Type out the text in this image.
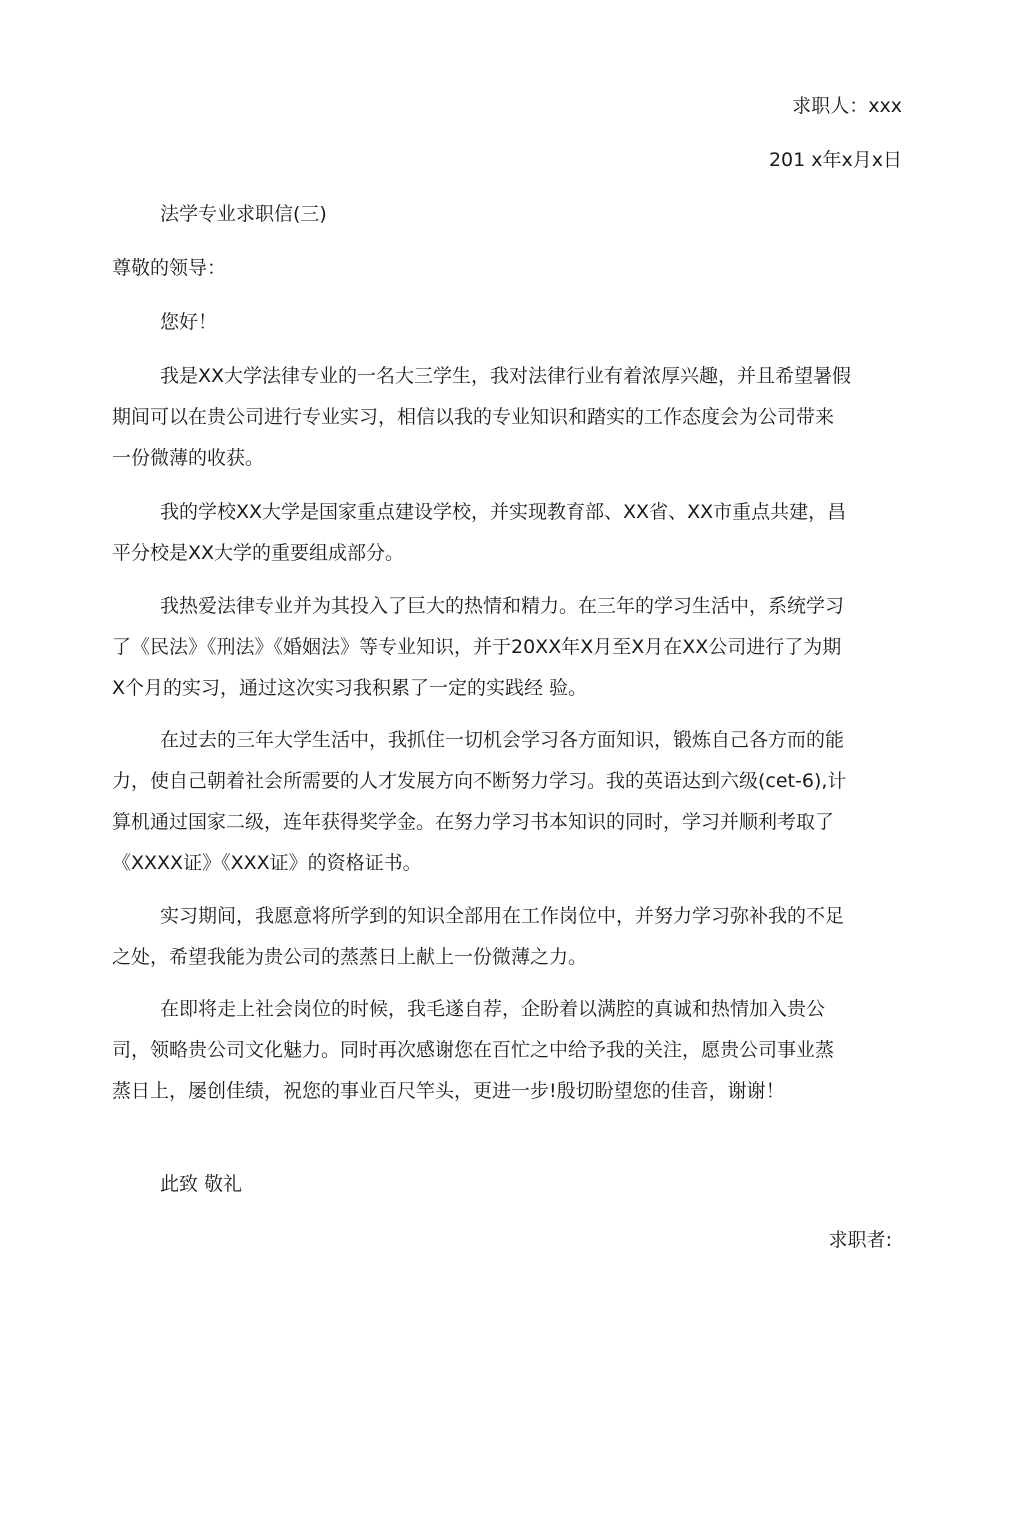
求职人：xxx
201 x年x月x日
法学专业求职信(三)
尊敬的领导：
您好！
我是XX大学法律专业的一名大三学生，我对法律行业有着浓厚兴趣，并且希望暑假期间可以在贵公司进行专业实习，相信以我的专业知识和踏实的工作态度会为公司带来一份微薄的收获。
我的学校XX大学是国家重点建设学校，并实现教育部、XX省、XX市重点共建，昌平分校是XX大学的重要组成部分。
我热爱法律专业并为其投入了巨大的热情和精力。在三年的学习生活中，系统学习了《民法》《刑法》《婚姻法》等专业知识，并于20XX年X月至X月在XX公司进行了为期X个月的实习，通过这次实习我积累了一定的实践经 验。
在过去的三年大学生活中，我抓住一切机会学习各方面知识，锻炼自己各方而的能力，使自己朝着社会所需要的人才发展方向不断努力学习。我的英语达到六级(cet-6),计算机通过国家二级，连年获得奖学金。在努力学习书本知识的同时，学习并顺利考取了《XXXX证》《XXX证》的资格证书。
实习期间，我愿意将所学到的知识全部用在工作岗位中，并努力学习弥补我的不足之处，希望我能为贵公司的蒸蒸日上献上一份微薄之力。
在即将走上社会岗位的时候，我毛遂自荐，企盼着以满腔的真诚和热情加入贵公司，领略贵公司文化魅力。同时再次感谢您在百忙之中给予我的关注，愿贵公司事业蒸蒸日上，屡创佳绩，祝您的事业百尺竿头，更进一步!殷切盼望您的佳音，谢谢！
此致 敬礼
求职者:
